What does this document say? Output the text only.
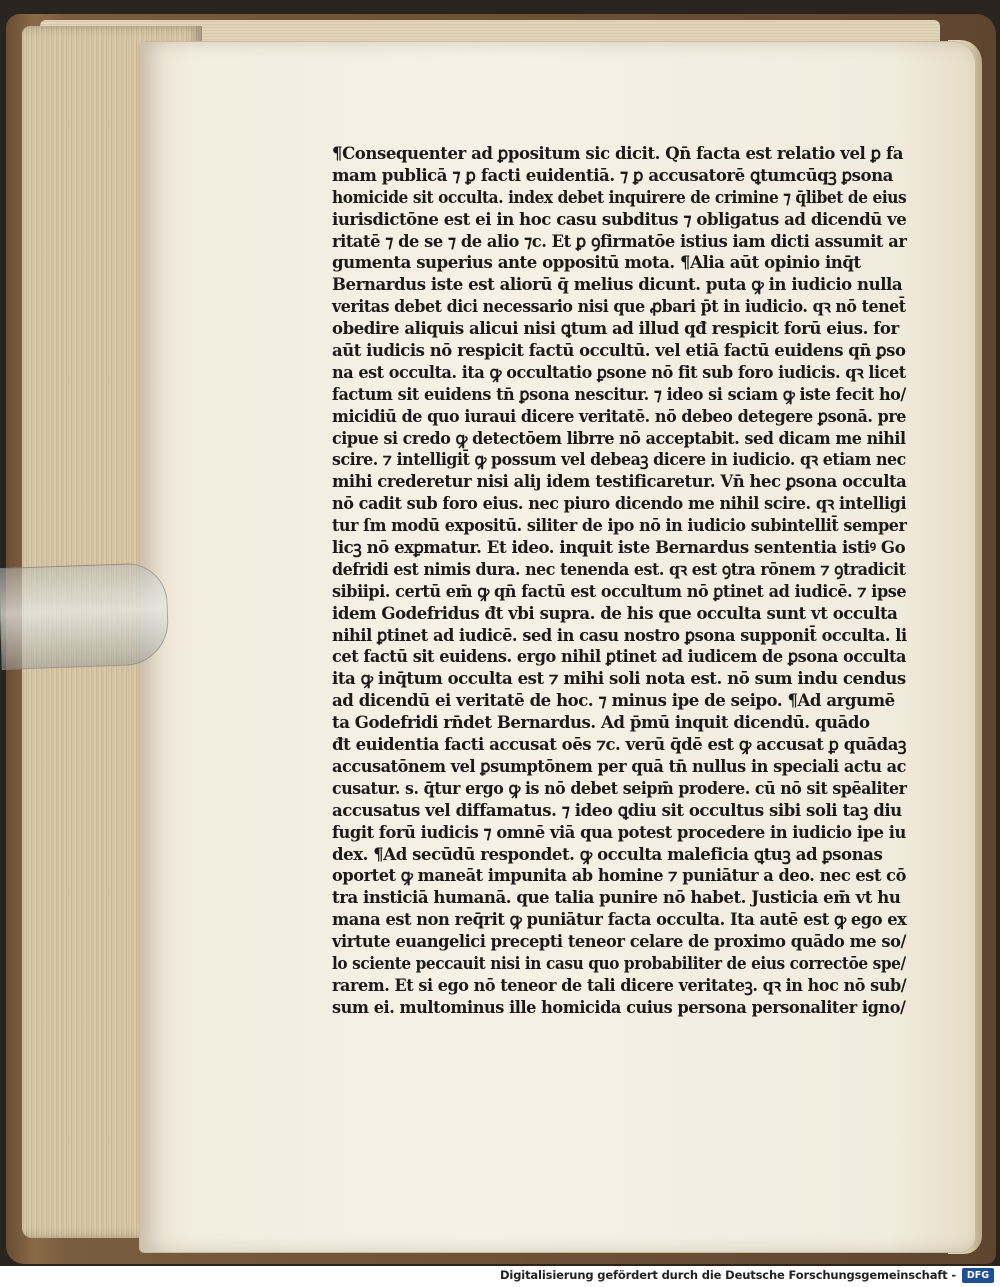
¶Consequenter ad ꝑpositum sic dicit. Qn̄ facta est relatio vel ꝑ fa
mam publicā ⁊ ꝑ facti euidentiā. ⁊ ꝑ accusatorē ꝗtumcūqꝫ ꝑsona
homicide sit occulta. index debet inquirere de crimine ⁊ q̄libet de eius
iurisdictōne est ei in hoc casu subditus ⁊ obligatus ad dicendū ve
ritatē ⁊ de se ⁊ de alio ⁊c. Et ꝑ ꝯfirmatōe istius iam dicti assumit ar
gumenta superius ante oppositū mota. ¶Alia aūt opinio inq̄t
Bernardus iste est aliorū q̄ melius dicunt. puta ꝙ in iudicio nulla
veritas debet dici necessario nisi que ꝓbari p̄t in iudicio. qꝛ nō tenet̄
obedire aliquis alicui nisi ꝗtum ad illud qđ respicit forū eius. for
aūt iudicis nō respicit factū occultū. vel etiā factū euidens qn̄ ꝑso
na est occulta. ita ꝙ occultatio ꝑsone nō fit sub foro iudicis. qꝛ licet
factum sit euidens tn̄ ꝑsona nescitur. ⁊ ideo si sciam ꝙ iste fecit ho/
micidiū de quo iuraui dicere veritatē. nō debeo detegere ꝑsonā. pre
cipue si credo ꝙ detectōem librre nō acceptabit. sed dicam me nihil
scire. ⁊ intelligit̄ ꝙ possum vel debeaꝫ dicere in iudicio. qꝛ etiam nec
mihi crederetur nisi aliȷ idem testificaretur. Vn̄ hec ꝑsona occulta
nō cadit sub foro eius. nec piuro dicendo me nihil scire. qꝛ intelligi
tur ſm modū expositū. siliter de ipo nō in iudicio subintellit̄ semper
licꝫ nō exꝑmatur. Et ideo. inquit iste Bernardus sententia istiꝰ Go
defridi est nimis dura. nec tenenda est. qꝛ est ꝯtra rōnem ⁊ ꝯtradicit
sibiipi. certū em̄ ꝙ qn̄ factū est occultum nō ꝑtinet ad iudicē. ⁊ ipse
idem Godefridus đt vbi supra. de his que occulta sunt vt occulta
nihil ꝑtinet ad iudicē. sed in casu nostro ꝑsona supponit̄ occulta. li
cet factū sit euidens. ergo nihil ꝑtinet ad iudicem de ꝑsona occulta
ita ꝙ inq̄tum occulta est ⁊ mihi soli nota est. nō sum indu cendus
ad dicendū ei veritatē de hoc. ⁊ minus ipe de seipo. ¶Ad argumē
ta Godefridi rn̄det Bernardus. Ad p̄mū inquit dicendū. quādo
đt euidentia facti accusat oēs ⁊c. verū q̄dē est ꝙ accusat ꝑ quādaꝫ
accusatōnem vel ꝑsumptōnem per quā tn̄ nullus in speciali actu ac
cusatur. s. q̄tur ergo ꝙ is nō debet seipm̄ prodere. cū nō sit spēaliter
accusatus vel diffamatus. ⁊ ideo ꝗdiu sit occultus sibi soli taꝫ diu
fugit forū iudicis ⁊ omnē viā qua potest procedere in iudicio ipe iu
dex. ¶Ad secūdū respondet. ꝙ occulta maleficia ꝗtuꝫ ad ꝑsonas
oportet ꝙ maneāt impunita ab homine ⁊ puniātur a deo. nec est cō
tra insticiā humanā. que talia punire nō habet. Justicia em̄ vt hu
mana est non req̄rit ꝙ puniātur facta occulta. Ita autē est ꝙ ego ex
virtute euangelici precepti teneor celare de proximo quādo me so/
lo sciente peccauit nisi in casu quo probabiliter de eius correctōe spe/
rarem. Et si ego nō teneor de tali dicere veritateꝫ. qꝛ in hoc nō sub/
sum ei. multominus ille homicida cuius persona personaliter igno/
Digitalisierung gefördert durch die Deutsche Forschungsgemeinschaft -	DFG
